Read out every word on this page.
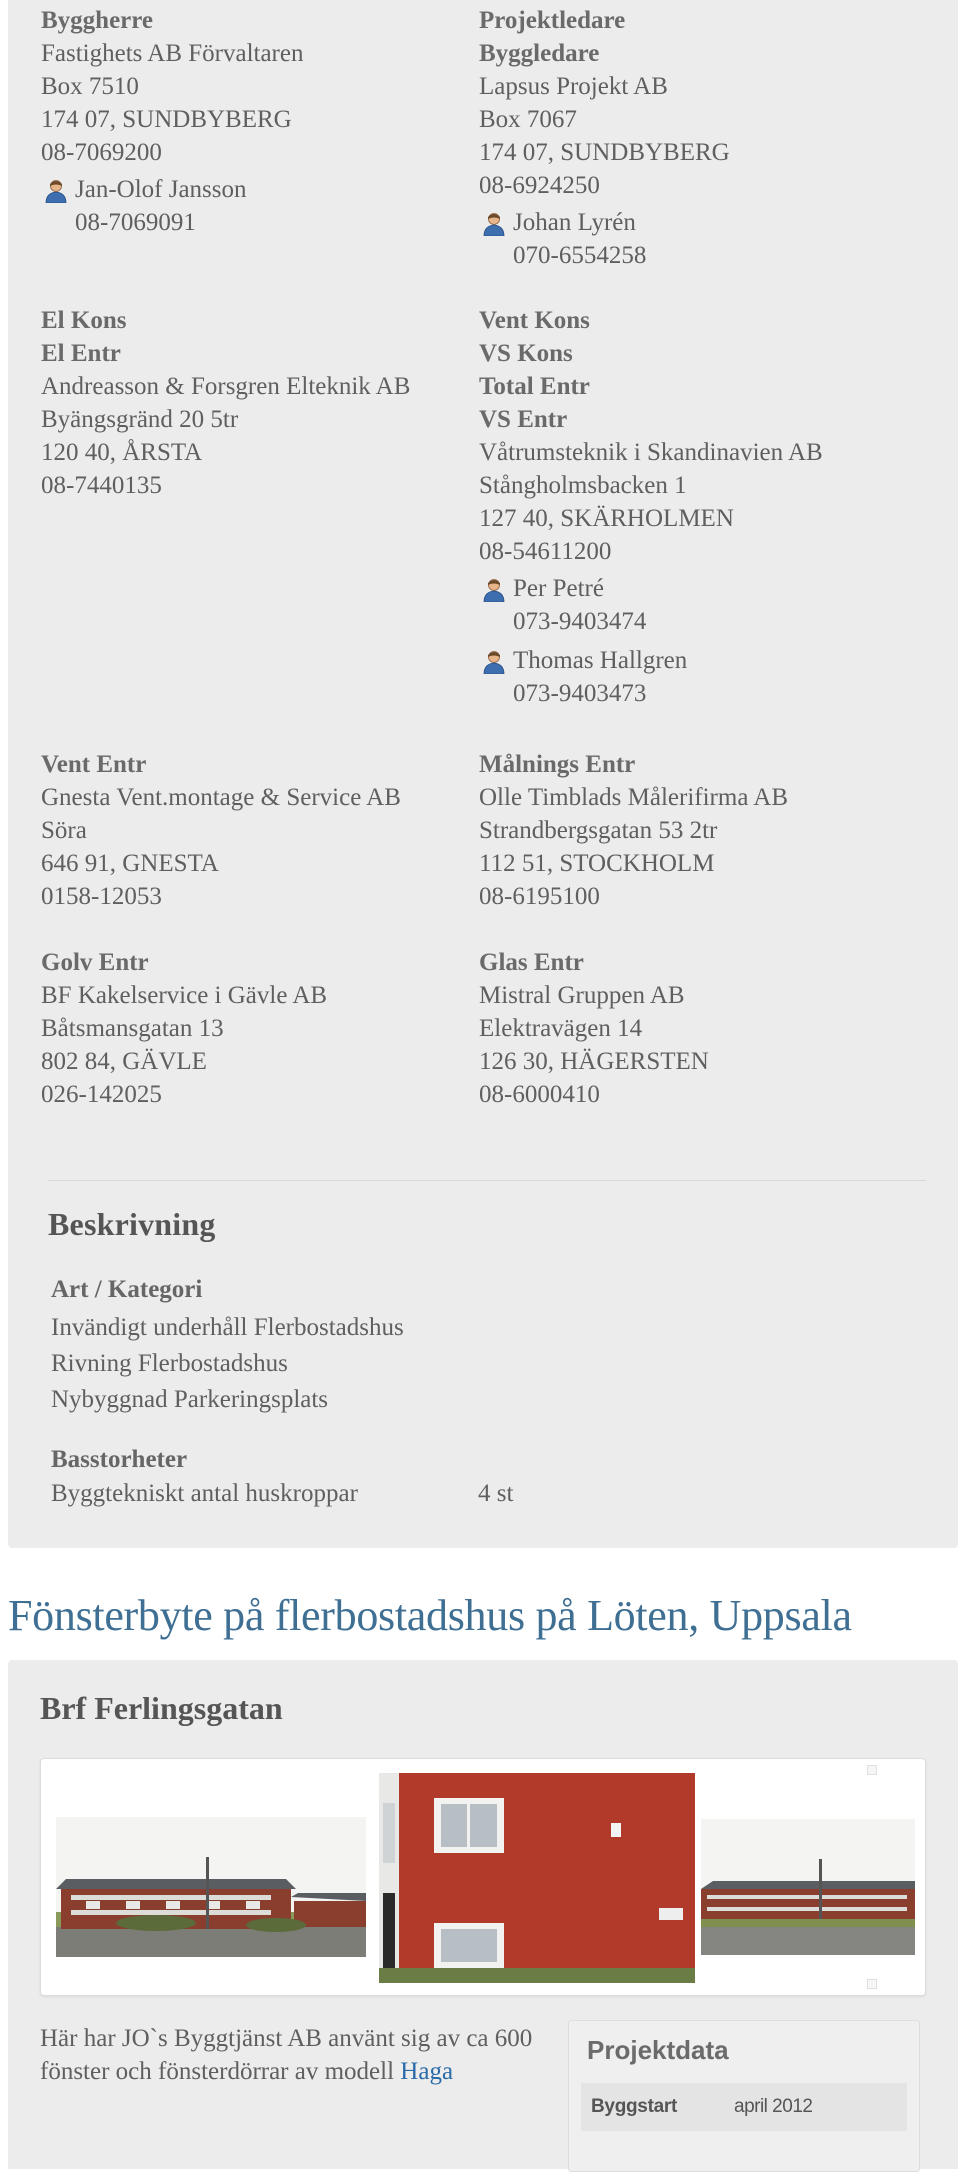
Byggherre
Fastighets AB Förvaltaren
Box 7510
174 07, SUNDBYBERG
08-7069200
Jan-Olof Jansson
08-7069091
Projektledare
Byggledare
Lapsus Projekt AB
Box 7067
174 07, SUNDBYBERG
08-6924250
Johan Lyrén
070-6554258
El Kons
El Entr
Andreasson & Forsgren Elteknik AB
Byängsgränd 20 5tr
120 40, ÅRSTA
08-7440135
Vent Kons
VS Kons
Total Entr
VS Entr
Våtrumsteknik i Skandinavien AB
Stångholmsbacken 1
127 40, SKÄRHOLMEN
08-54611200
Per Petré
073-9403474
Thomas Hallgren
073-9403473
Vent Entr
Gnesta Vent.montage & Service AB
Söra
646 91, GNESTA
0158-12053
Målnings Entr
Olle Timblads Målerifirma AB
Strandbergsgatan 53 2tr
112 51, STOCKHOLM
08-6195100
Golv Entr
BF Kakelservice i Gävle AB
Båtsmansgatan 13
802 84, GÄVLE
026-142025
Glas Entr
Mistral Gruppen AB
Elektravägen 14
126 30, HÄGERSTEN
08-6000410
Beskrivning
Art / Kategori
Invändigt underhåll Flerbostadshus
Rivning Flerbostadshus
Nybyggnad Parkeringsplats
Basstorheter
Byggtekniskt antal huskroppar	4 st
Fönsterbyte på flerbostadshus på Löten, Uppsala
Brf Ferlingsgatan
Här har JO`s Byggtjänst AB använt sig av ca 600 fönster och fönsterdörrar av modell Haga
Projektdata
Byggstart	april 2012
